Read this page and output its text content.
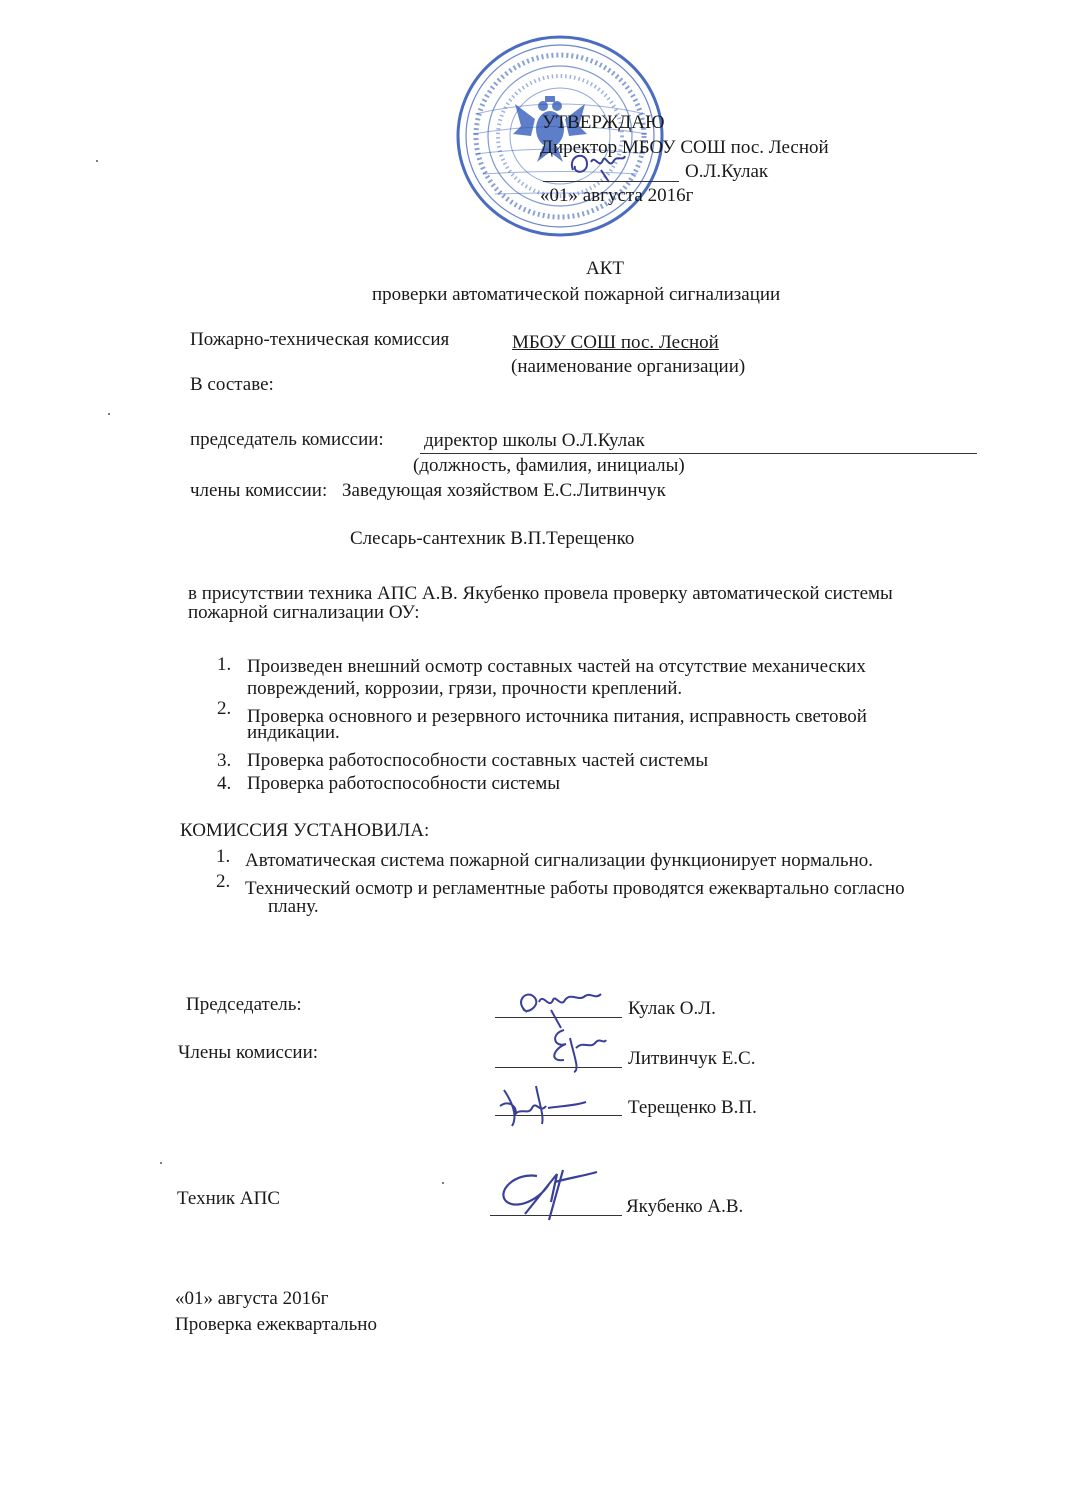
УТВЕРЖДАЮ
Директор МБОУ СОШ пос. Лесной
О.Л.Кулак
«01» августа 2016г
АКТ
проверки автоматической пожарной сигнализации
Пожарно-техническая комиссия	МБОУ СОШ пос. Лесной
(наименование организации)
В составе:
председатель комиссии: директор школы О.Л.Кулак
(должность, фамилия, инициалы)
члены комиссии: Заведующая хозяйством Е.С.Литвинчук
Слесарь-сантехник В.П.Терещенко
в присутствии техника АПС А.В. Якубенко провела проверку автоматической системы
пожарной сигнализации ОУ:
1. Произведен внешний осмотр составных частей на отсутствие механических
повреждений, коррозии, грязи, прочности креплений.
2. Проверка основного и резервного источника питания, исправность световой
индикации.
3. Проверка работоспособности составных частей системы
4. Проверка работоспособности системы
КОМИССИЯ УСТАНОВИЛА:
1. Автоматическая система пожарной сигнализации функционирует нормально.
2. Технический осмотр и регламентные работы проводятся ежеквартально согласно
плану.
Председатель:	Кулак О.Л.
Члены комиссии:	Литвинчук Е.С.
Терещенко В.П.
Техник АПС	Якубенко А.В.
«01» августа 2016г
Проверка ежеквартально
